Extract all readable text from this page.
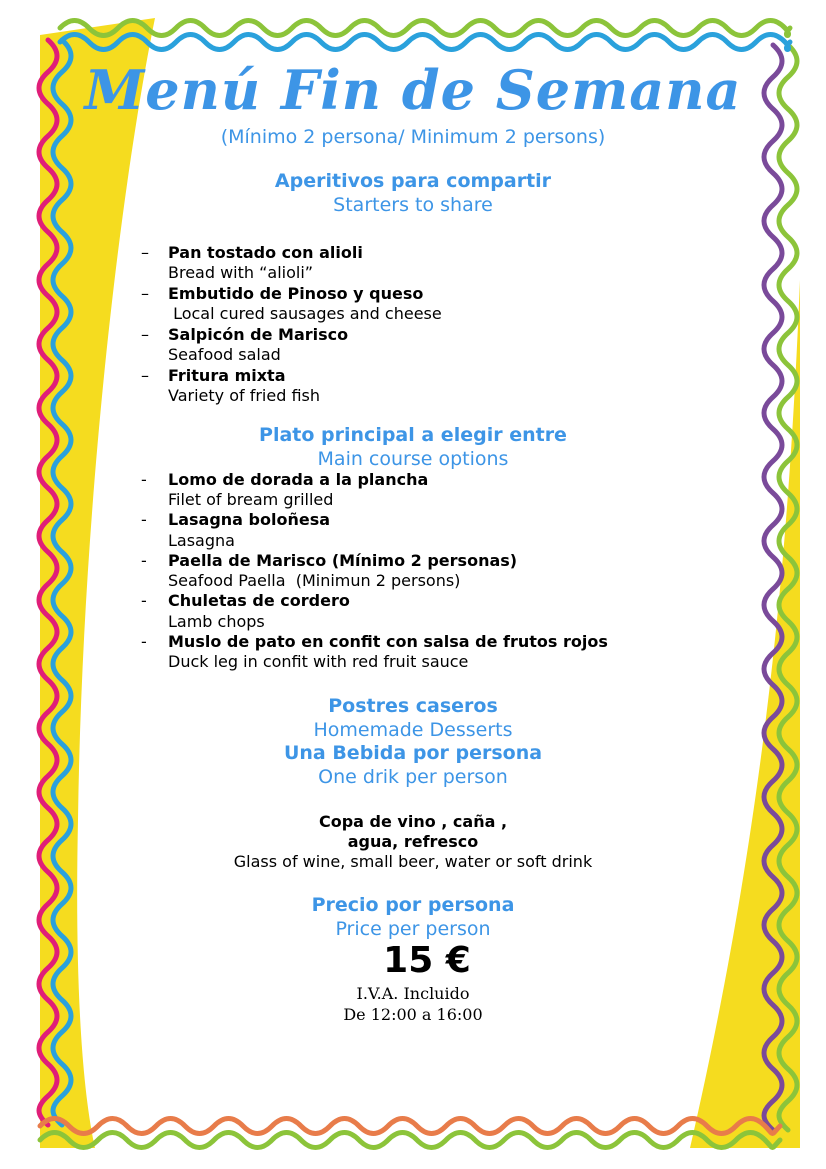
Menú Fin de Semana
(Mínimo 2 persona/ Minimum 2 persons)
Aperitivos para compartir
Starters to share
– Pan tostado con alioli
Bread with “alioli”
– Embutido de Pinoso y queso
Local cured sausages and cheese
– Salpicón de Marisco
Seafood salad
– Fritura mixta
Variety of fried fish
Plato principal a elegir entre
Main course options
- Lomo de dorada a la plancha
Filet of bream grilled
- Lasagna boloñesa
Lasagna
- Paella de Marisco (Mínimo 2 personas)
Seafood Paella  (Minimun 2 persons)
- Chuletas de cordero
Lamb chops
- Muslo de pato en confit con salsa de frutos rojos
Duck leg in confit with red fruit sauce
Postres caseros
Homemade Desserts
Una Bebida por persona
One drik per person
Copa de vino , caña ,
agua, refresco
Glass of wine, small beer, water or soft drink
Precio por persona
Price per person
15 €
I.V.A. Incluido
De 12:00 a 16:00
